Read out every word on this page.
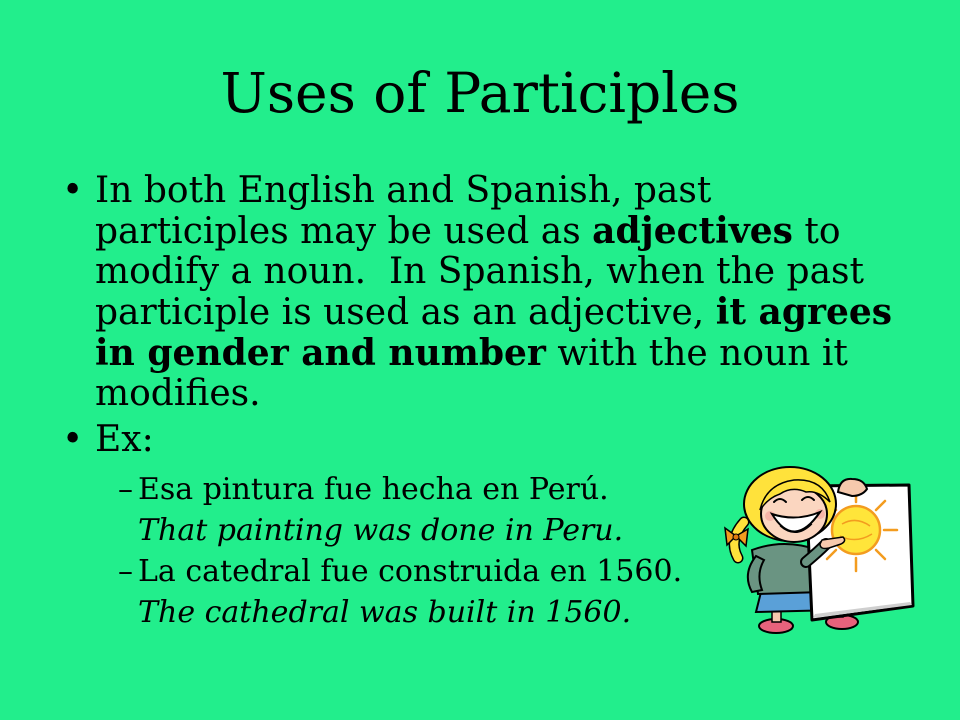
Uses of Participles
• In both English and Spanish, past
participles may be used as adjectives to
modify a noun.  In Spanish, when the past
participle is used as an adjective, it agrees
in gender and number with the noun it
modifies.
• Ex:

–

Esa pintura fue hecha en Perú.

That painting was done in Peru.

–

La catedral fue construida en 1560.

The cathedral was built in 1560.
